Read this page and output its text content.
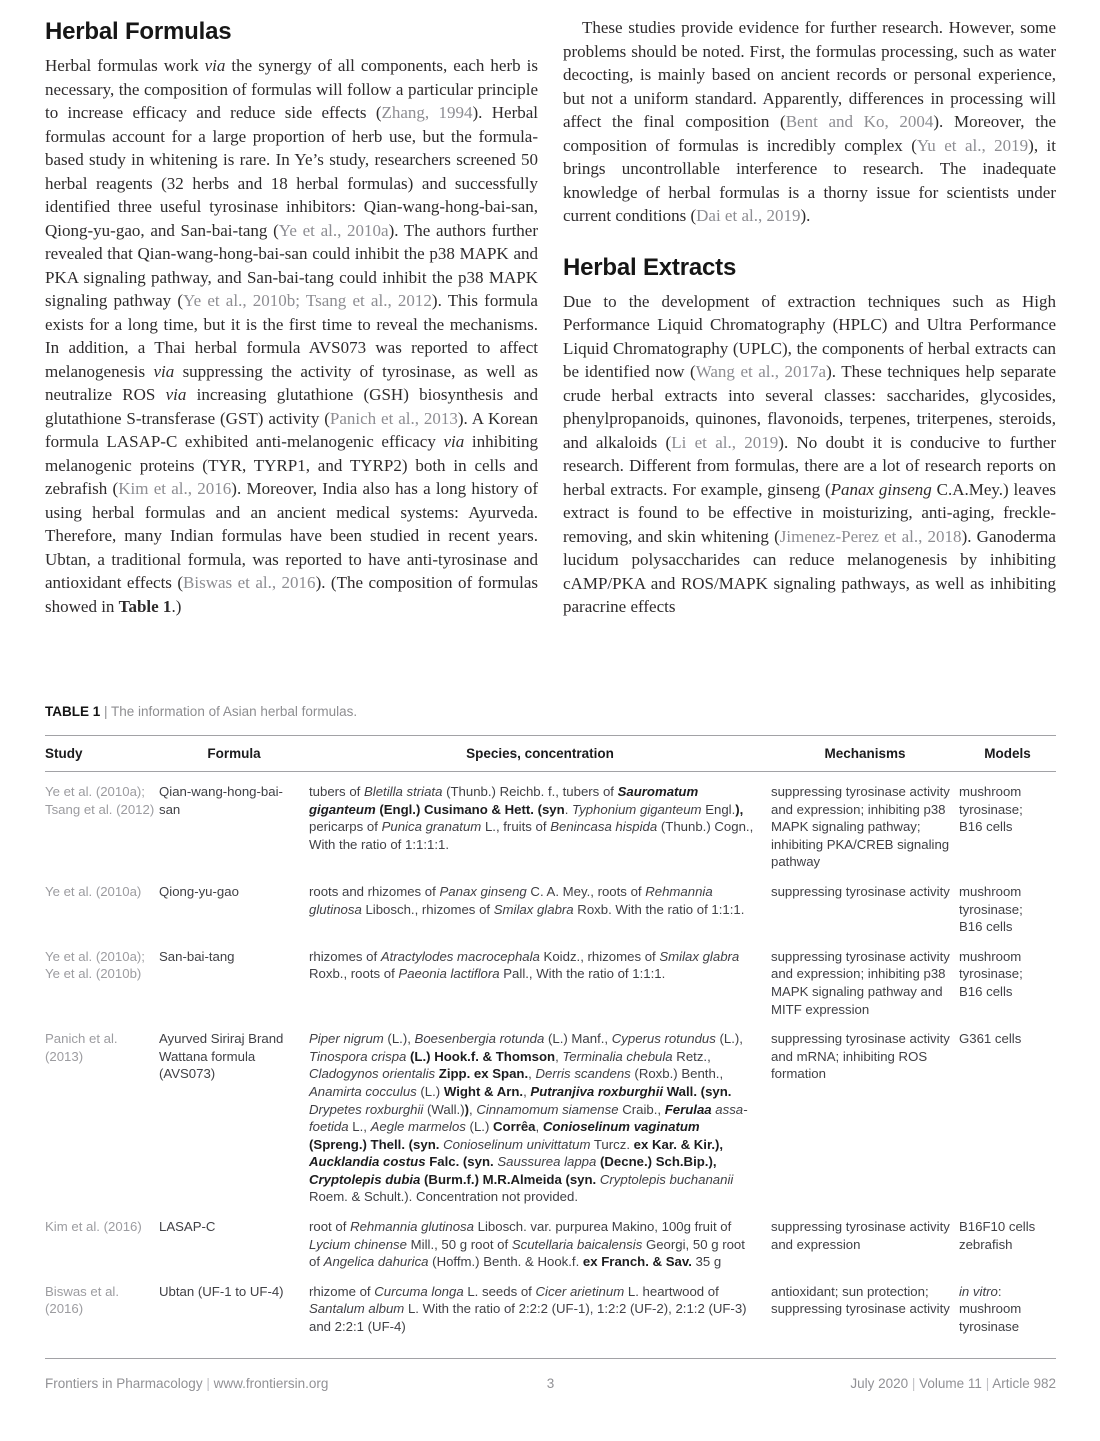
Herbal Formulas

Herbal formulas work via the synergy of all components, each herb is necessary, the composition of formulas will follow a particular principle to increase efficacy and reduce side effects (Zhang, 1994). Herbal formulas account for a large proportion of herb use, but the formula-based study in whitening is rare. In Ye’s study, researchers screened 50 herbal reagents (32 herbs and 18 herbal formulas) and successfully identified three useful tyrosinase inhibitors: Qian-wang-hong-bai-san, Qiong-yu-gao, and San-bai-tang (Ye et al., 2010a). The authors further revealed that Qian-wang-hong-bai-san could inhibit the p38 MAPK and PKA signaling pathway, and San-bai-tang could inhibit the p38 MAPK signaling pathway (Ye et al., 2010b; Tsang et al., 2012). This formula exists for a long time, but it is the first time to reveal the mechanisms. In addition, a Thai herbal formula AVS073 was reported to affect melanogenesis via suppressing the activity of tyrosinase, as well as neutralize ROS via increasing glutathione (GSH) biosynthesis and glutathione S-transferase (GST) activity (Panich et al., 2013). A Korean formula LASAP-C exhibited anti-melanogenic efficacy via inhibiting melanogenic proteins (TYR, TYRP1, and TYRP2) both in cells and zebrafish (Kim et al., 2016). Moreover, India also has a long history of using herbal formulas and an ancient medical systems: Ayurveda. Therefore, many Indian formulas have been studied in recent years. Ubtan, a traditional formula, was reported to have anti-tyrosinase and antioxidant effects (Biswas et al., 2016). (The composition of formulas showed in Table 1.)

These studies provide evidence for further research. However, some problems should be noted. First, the formulas processing, such as water decocting, is mainly based on ancient records or personal experience, but not a uniform standard. Apparently, differences in processing will affect the final composition (Bent and Ko, 2004). Moreover, the composition of formulas is incredibly complex (Yu et al., 2019), it brings uncontrollable interference to research. The inadequate knowledge of herbal formulas is a thorny issue for scientists under current conditions (Dai et al., 2019).

Herbal Extracts

Due to the development of extraction techniques such as High Performance Liquid Chromatography (HPLC) and Ultra Performance Liquid Chromatography (UPLC), the components of herbal extracts can be identified now (Wang et al., 2017a). These techniques help separate crude herbal extracts into several classes: saccharides, glycosides, phenylpropanoids, quinones, flavonoids, terpenes, triterpenes, steroids, and alkaloids (Li et al., 2019). No doubt it is conducive to further research. Different from formulas, there are a lot of research reports on herbal extracts. For example, ginseng (Panax ginseng C.A.Mey.) leaves extract is found to be effective in moisturizing, anti-aging, freckle-removing, and skin whitening (Jimenez-Perez et al., 2018). Ganoderma lucidum polysaccharides can reduce melanogenesis by inhibiting cAMP/PKA and ROS/MAPK signaling pathways, as well as inhibiting paracrine effects

TABLE 1 | The information of Asian herbal formulas.
Study	Formula	Species, concentration	Mechanisms	Models
Ye et al. (2010a); Tsang et al. (2012)	Qian-wang-hong-bai-san	tubers of Bletilla striata (Thunb.) Reichb. f., tubers of Sauromatum giganteum (Engl.) Cusimano & Hett. (syn. Typhonium giganteum Engl.), pericarps of Punica granatum L., fruits of Benincasa hispida (Thunb.) Cogn., With the ratio of 1:1:1:1.	suppressing tyrosinase activity and expression; inhibiting p38 MAPK signaling pathway; inhibiting PKA/CREB signaling pathway	mushroom tyrosinase; B16 cells
Ye et al. (2010a)	Qiong-yu-gao	roots and rhizomes of Panax ginseng C. A. Mey., roots of Rehmannia glutinosa Libosch., rhizomes of Smilax glabra Roxb. With the ratio of 1:1:1.	suppressing tyrosinase activity	mushroom tyrosinase; B16 cells
Ye et al. (2010a); Ye et al. (2010b)	San-bai-tang	rhizomes of Atractylodes macrocephala Koidz., rhizomes of Smilax glabra Roxb., roots of Paeonia lactiflora Pall., With the ratio of 1:1:1.	suppressing tyrosinase activity and expression; inhibiting p38 MAPK signaling pathway and MITF expression	mushroom tyrosinase; B16 cells
Panich et al. (2013)	Ayurved Siriraj Brand Wattana formula (AVS073)	Piper nigrum (L.), Boesenbergia rotunda (L.) Manf., Cyperus rotundus (L.), Tinospora crispa (L.) Hook.f. & Thomson, Terminalia chebula Retz., Cladogynos orientalis Zipp. ex Span., Derris scandens (Roxb.) Benth., Anamirta cocculus (L.) Wight & Arn., Putranjiva roxburghii Wall. (syn. Drypetes roxburghii (Wall.)), Cinnamomum siamense Craib., Ferulaa assa-foetida L., Aegle marmelos (L.) Corrêa, Conioselinum vaginatum (Spreng.) Thell. (syn. Conioselinum univittatum Turcz. ex Kar. & Kir.), Aucklandia costus Falc. (syn. Saussurea lappa (Decne.) Sch.Bip.), Cryptolepis dubia (Burm.f.) M.R.Almeida (syn. Cryptolepis buchananii Roem. & Schult.). Concentration not provided.	suppressing tyrosinase activity and mRNA; inhibiting ROS formation	G361 cells
Kim et al. (2016)	LASAP-C	root of Rehmannia glutinosa Libosch. var. purpurea Makino, 100g fruit of Lycium chinense Mill., 50 g root of Scutellaria baicalensis Georgi, 50 g root of Angelica dahurica (Hoffm.) Benth. & Hook.f. ex Franch. & Sav. 35 g	suppressing tyrosinase activity and expression	B16F10 cells zebrafish
Biswas et al. (2016)	Ubtan (UF-1 to UF-4)	rhizome of Curcuma longa L. seeds of Cicer arietinum L. heartwood of Santalum album L. With the ratio of 2:2:2 (UF-1), 1:2:2 (UF-2), 2:1:2 (UF-3) and 2:2:1 (UF-4)	antioxidant; sun protection; suppressing tyrosinase activity	in vitro: mushroom tyrosinase
Frontiers in Pharmacology | www.frontiersin.org	3	July 2020 | Volume 11 | Article 982
